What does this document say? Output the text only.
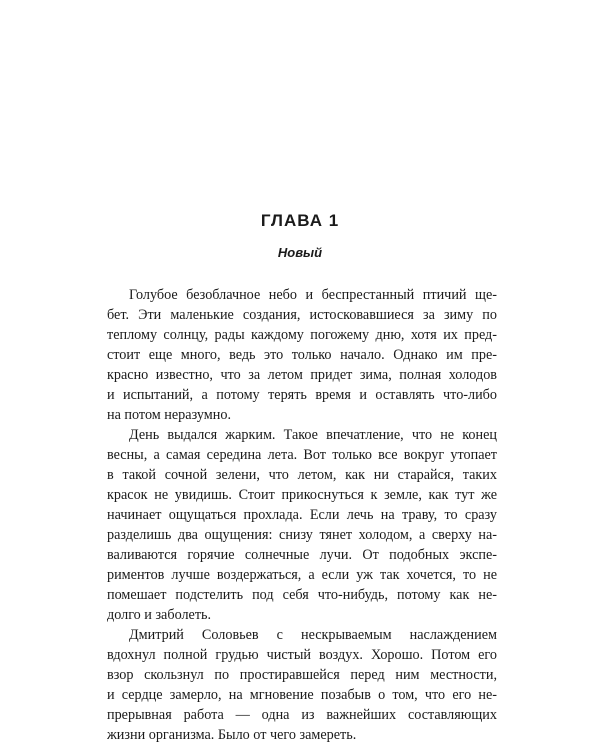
ГЛАВА 1
Новый

Голубое безоблачное небо и беспрестанный птичий ще-
бет. Эти маленькие создания, истосковавшиеся за зиму по
теплому солнцу, рады каждому погожему дню, хотя их пред-
стоит еще много, ведь это только начало. Однако им пре-
красно известно, что за летом придет зима, полная холодов
и испытаний, а потому терять время и оставлять что-либо
на потом неразумно.

День выдался жарким. Такое впечатление, что не конец
весны, а самая середина лета. Вот только все вокруг утопает
в такой сочной зелени, что летом, как ни старайся, таких
красок не увидишь. Стоит прикоснуться к земле, как тут же
начинает ощущаться прохлада. Если лечь на траву, то сразу
разделишь два ощущения: снизу тянет холодом, а сверху на-
валиваются горячие солнечные лучи. От подобных экспе-
риментов лучше воздержаться, а если уж так хочется, то не
помешает подстелить под себя что-нибудь, потому как не-
долго и заболеть.

Дмитрий Соловьев с нескрываемым наслаждением
вдохнул полной грудью чистый воздух. Хорошо. Потом его
взор скользнул по простиравшейся перед ним местности,
и сердце замерло, на мгновение позабыв о том, что его не-
прерывная работа — одна из важнейших составляющих
жизни организма. Было от чего замереть.
